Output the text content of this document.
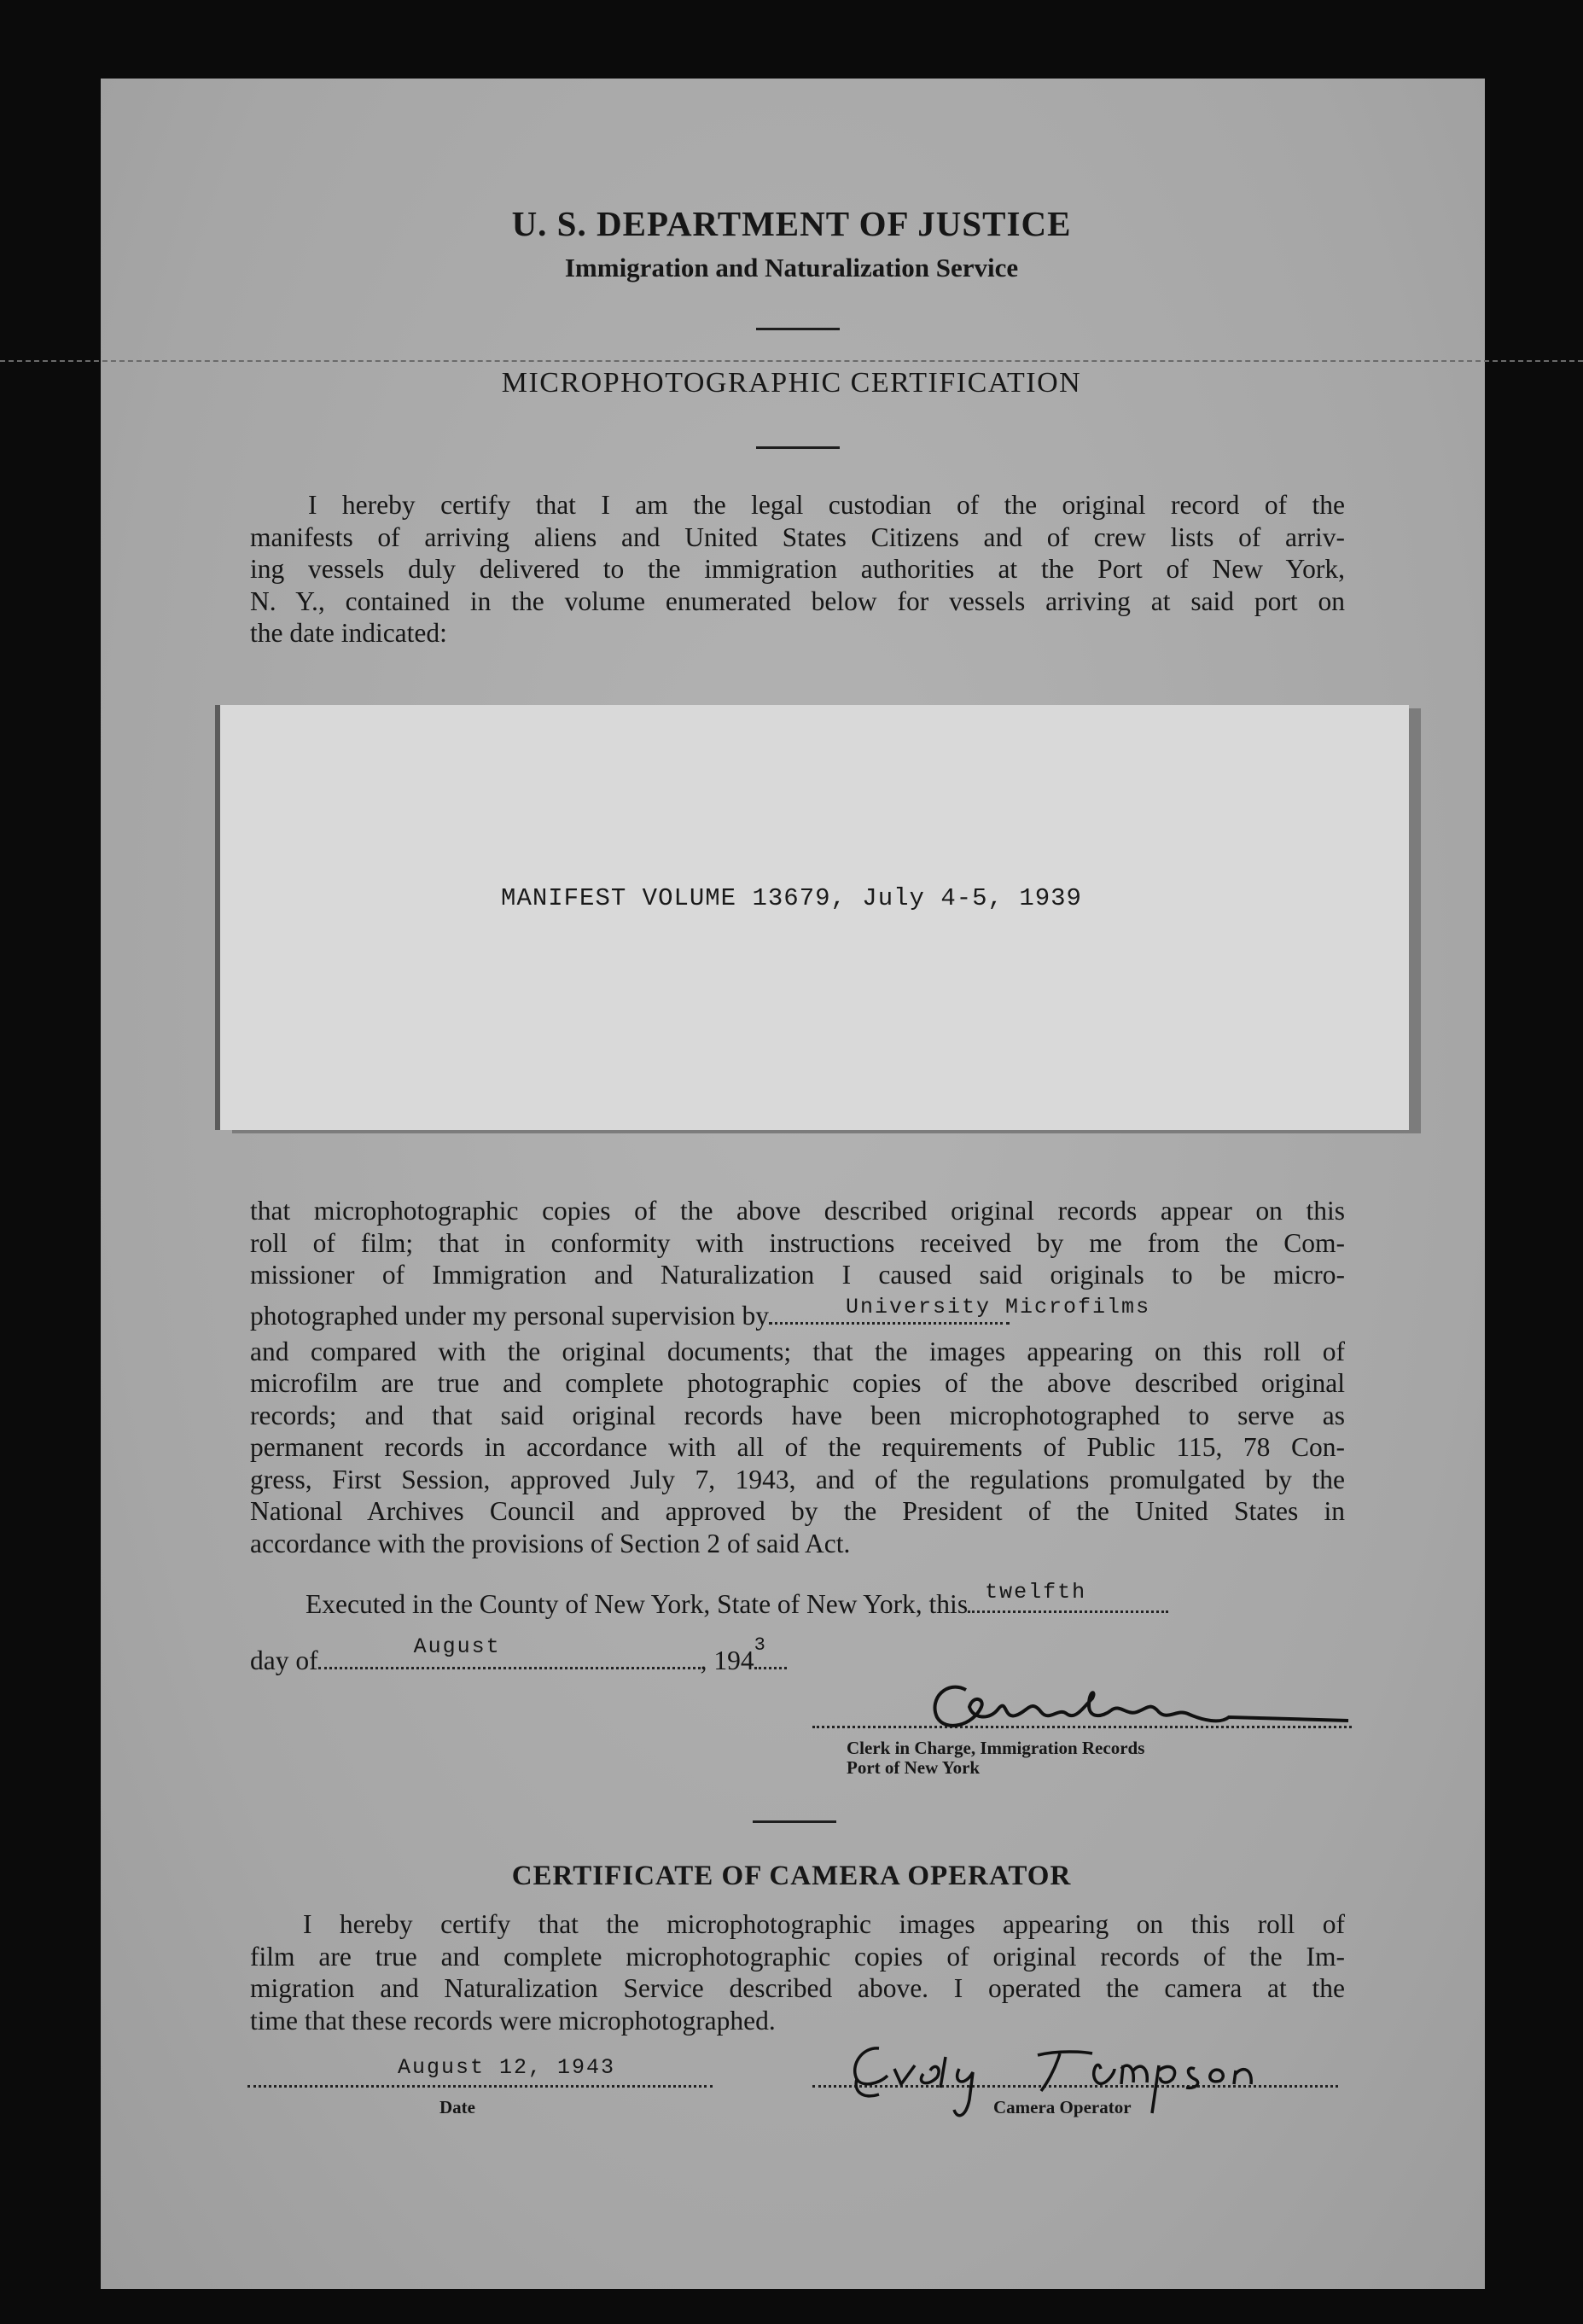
U. S. DEPARTMENT OF JUSTICE
Immigration and Naturalization Service
MICROPHOTOGRAPHIC CERTIFICATION
I hereby certify that I am the legal custodian of the original record of the
manifests of arriving aliens and United States Citizens and of crew lists of arriv-
ing vessels duly delivered to the immigration authorities at the Port of New York,
N. Y., contained in the volume enumerated below for vessels arriving at said port on
the date indicated:
MANIFEST VOLUME 13679, July 4-5, 1939
that microphotographic copies of the above described original records appear on this
roll of film; that in conformity with instructions received by me from the Com-
missioner of Immigration and Naturalization I caused said originals to be micro-
photographed under my personal supervision by	University Microfilms
and compared with the original documents; that the images appearing on this roll of
microfilm are true and complete photographic copies of the above described original
records; and that said original records have been microphotographed to serve as
permanent records in accordance with all of the requirements of Public 115, 78 Con-
gress, First Session, approved July 7, 1943, and of the regulations promulgated by the
National Archives Council and approved by the President of the United States in
accordance with the provisions of Section 2 of said Act.
Executed in the County of New York, State of New York, this twelfth
day of	August	, 194
3
Clerk in Charge, Immigration Records
Port of New York
CERTIFICATE OF CAMERA OPERATOR
I hereby certify that the microphotographic images appearing on this roll of
film are true and complete microphotographic copies of original records of the Im-
migration and Naturalization Service described above. I operated the camera at the
time that these records were microphotographed.
August 12, 1943
Date	Camera Operator
